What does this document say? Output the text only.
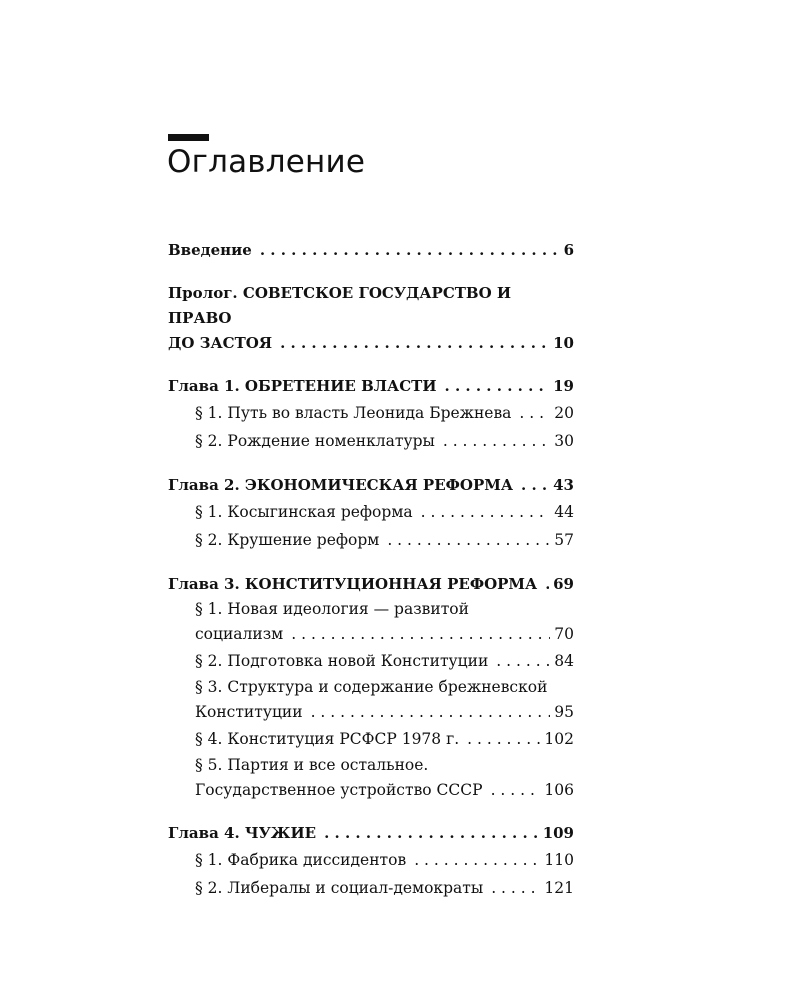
Оглавление
Введение . . .	6
Пролог. СОВЕТСКОЕ ГОСУДАРСТВО И ПРАВО
ДО ЗАСТОЯ . . .	10
Глава 1. ОБРЕТЕНИЕ ВЛАСТИ . . .	19
§ 1. Путь во власть Леонида Брежнева . . .	20
§ 2. Рождение номенклатуры . . .	30
Глава 2. ЭКОНОМИЧЕСКАЯ РЕФОРМА . . .	43
§ 1. Косыгинская реформа . . .	44
§ 2. Крушение реформ . . .	57
Глава 3. КОНСТИТУЦИОННАЯ РЕФОРМА . . . 69
§ 1. Новая идеология — развитой
социализм . . .	70
§ 2. Подготовка новой Конституции . . .	84
§ 3. Структура и содержание брежневской
Конституции . . .	95
§ 4. Конституция РСФСР 1978 г. . . .	102
§ 5. Партия и все остальное.
Государственное устройство СССР . . .	106
Глава 4. ЧУЖИЕ . . .	109
§ 1. Фабрика диссидентов . . .	110
§ 2. Либералы и социал-демократы . . .	121
